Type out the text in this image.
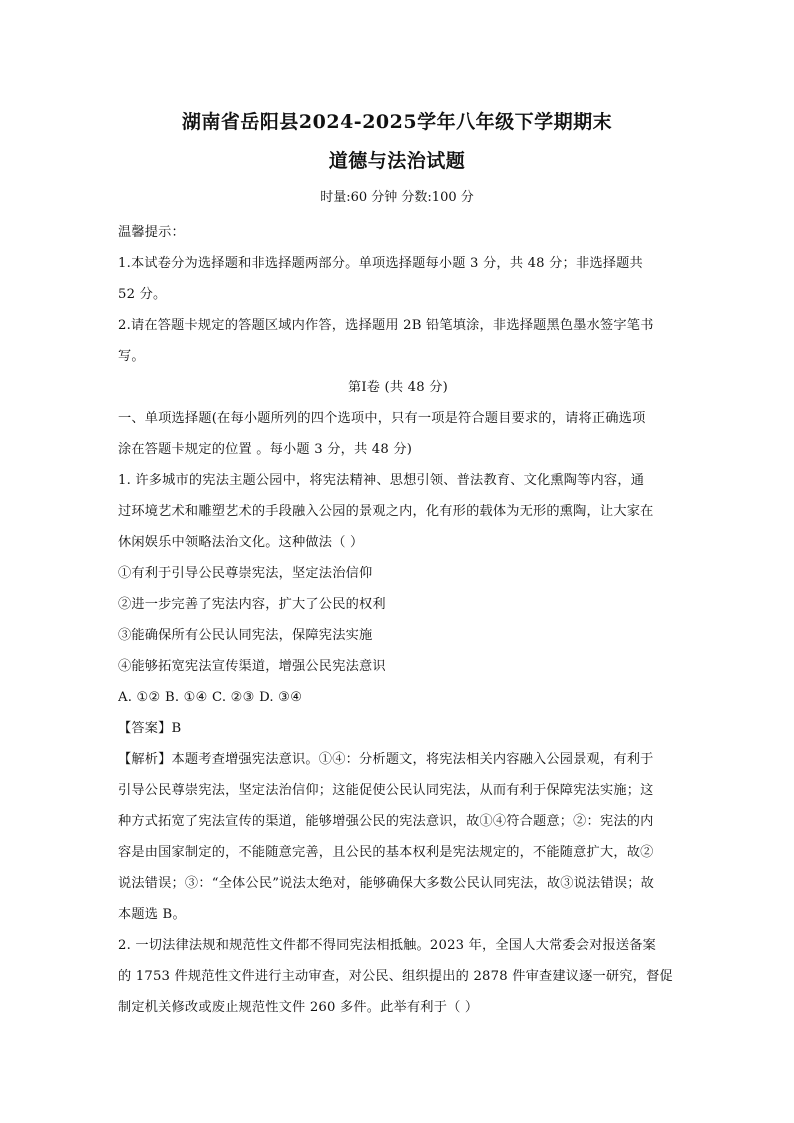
湖南省岳阳县2024-2025学年八年级下学期期末
道德与法治试题
时量:60 分钟 分数:100 分
温馨提示：
1.本试卷分为选择题和非选择题两部分。单项选择题每小题 3 分，共 48 分；非选择题共
52 分。
2.请在答题卡规定的答题区域内作答，选择题用 2B 铅笔填涂，非选择题黑色墨水签字笔书
写。
第Ⅰ卷 (共 48 分)
一、单项选择题(在每小题所列的四个选项中，只有一项是符合题目要求的，请将正确选项
涂在答题卡规定的位置 。每小题 3 分，共 48 分)
1. 许多城市的宪法主题公园中，将宪法精神、思想引领、普法教育、文化熏陶等内容，通
过环境艺术和雕塑艺术的手段融入公园的景观之内，化有形的载体为无形的熏陶，让大家在
休闲娱乐中领略法治文化。这种做法（ ）
①有利于引导公民尊崇宪法，坚定法治信仰
②进一步完善了宪法内容，扩大了公民的权利
③能确保所有公民认同宪法，保障宪法实施
④能够拓宽宪法宣传渠道，增强公民宪法意识
A. ①② B. ①④ C. ②③ D. ③④
【答案】B
【解析】本题考查增强宪法意识。①④：分析题文，将宪法相关内容融入公园景观，有利于
引导公民尊崇宪法，坚定法治信仰；这能促使公民认同宪法，从而有利于保障宪法实施；这
种方式拓宽了宪法宣传的渠道，能够增强公民的宪法意识，故①④符合题意；②：宪法的内
容是由国家制定的，不能随意完善，且公民的基本权利是宪法规定的，不能随意扩大，故②
说法错误；③：“全体公民”说法太绝对，能够确保大多数公民认同宪法，故③说法错误；故
本题选 B。
2. 一切法律法规和规范性文件都不得同宪法相抵触。2023 年，全国人大常委会对报送备案
的 1753 件规范性文件进行主动审查，对公民、组织提出的 2878 件审查建议逐一研究，督促
制定机关修改或废止规范性文件 260 多件。此举有利于（ ）
